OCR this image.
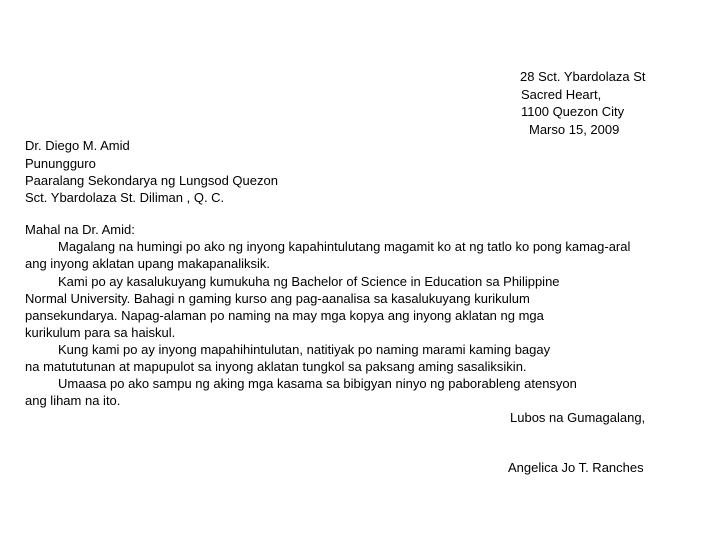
28 Sct. Ybardolaza St
Sacred Heart,
1100 Quezon City
Marso 15, 2009
Dr. Diego M. Amid
Punungguro
Paaralang Sekondarya ng Lungsod Quezon
Sct. Ybardolaza St. Diliman , Q. C.
Mahal na Dr. Amid:
Magalang na humingi po ako ng inyong kapahintulutang magamit ko at ng tatlo ko pong kamag-aral
ang inyong aklatan upang makapanaliksik.
Kami po ay kasalukuyang kumukuha ng Bachelor of Science in Education sa Philippine
Normal University. Bahagi n gaming kurso ang pag-aanalisa sa kasalukuyang kurikulum
pansekundarya. Napag-alaman po naming na may mga kopya ang inyong aklatan ng mga
kurikulum para sa haiskul.
Kung kami po ay inyong mapahihintulutan, natitiyak po naming marami kaming bagay
na matututunan at mapupulot sa inyong aklatan tungkol sa paksang aming sasaliksikin.
Umaasa po ako sampu ng aking mga kasama sa bibigyan ninyo ng paborableng atensyon
ang liham na ito.
Lubos na Gumagalang,
Angelica Jo T. Ranches
